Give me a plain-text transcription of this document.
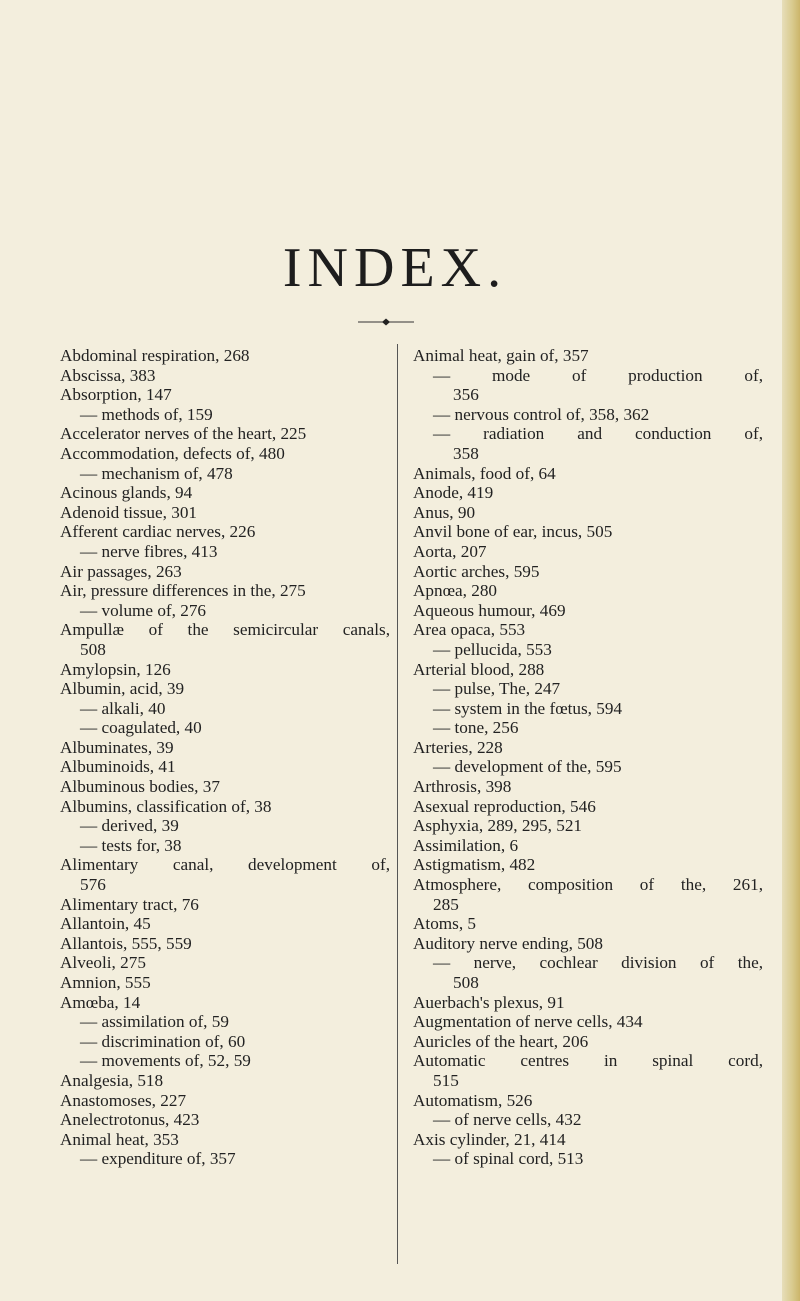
INDEX.
Abdominal respiration, 268
Abscissa, 383
Absorption, 147
— methods of, 159
Accelerator nerves of the heart, 225
Accommodation, defects of, 480
— mechanism of, 478
Acinous glands, 94
Adenoid tissue, 301
Afferent cardiac nerves, 226
— nerve fibres, 413
Air passages, 263
Air, pressure differences in the, 275
— volume of, 276
Ampullæ of the semicircular canals,
508
Amylopsin, 126
Albumin, acid, 39
— alkali, 40
— coagulated, 40
Albuminates, 39
Albuminoids, 41
Albuminous bodies, 37
Albumins, classification of, 38
— derived, 39
— tests for, 38
Alimentary canal, development of,
576
Alimentary tract, 76
Allantoin, 45
Allantois, 555, 559
Alveoli, 275
Amnion, 555
Amœba, 14
— assimilation of, 59
— discrimination of, 60
— movements of, 52, 59
Analgesia, 518
Anastomoses, 227
Anelectrotonus, 423
Animal heat, 353
— expenditure of, 357
Animal heat, gain of, 357
— mode of production of,
356
— nervous control of, 358, 362
— radiation and conduction of,
358
Animals, food of, 64
Anode, 419
Anus, 90
Anvil bone of ear, incus, 505
Aorta, 207
Aortic arches, 595
Apnœa, 280
Aqueous humour, 469
Area opaca, 553
— pellucida, 553
Arterial blood, 288
— pulse, The, 247
— system in the fœtus, 594
— tone, 256
Arteries, 228
— development of the, 595
Arthrosis, 398
Asexual reproduction, 546
Asphyxia, 289, 295, 521
Assimilation, 6
Astigmatism, 482
Atmosphere, composition of the, 261,
285
Atoms, 5
Auditory nerve ending, 508
— nerve, cochlear division of the,
508
Auerbach's plexus, 91
Augmentation of nerve cells, 434
Auricles of the heart, 206
Automatic centres in spinal cord,
515
Automatism, 526
— of nerve cells, 432
Axis cylinder, 21, 414
— of spinal cord, 513
